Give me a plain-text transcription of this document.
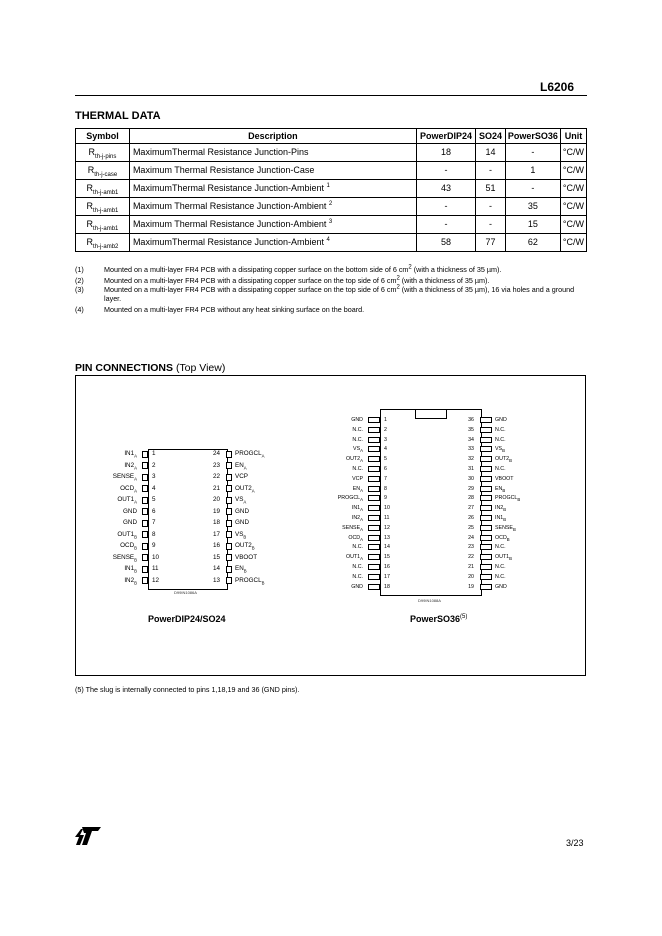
L6206
THERMAL DATA
Symbol	Description	PowerDIP24	SO24	PowerSO36	Unit
$R_{th-j-pins}$	MaximumThermal Resistance Junction-Pins	18	14	-	°C/W
$R_{th-j-case}$	Maximum Thermal Resistance Junction-Case	-	-	1	°C/W
$R_{th-j-amb1}$	MaximumThermal Resistance Junction-Ambient $^1$	43	51	-	°C/W
$R_{th-j-amb1}$	Maximum Thermal Resistance Junction-Ambient $^2$	-	-	35	°C/W
$R_{th-j-amb1}$	Maximum Thermal Resistance Junction-Ambient $^3$	-	-	15	°C/W
$R_{th-j-amb2}$	MaximumThermal Resistance Junction-Ambient $^4$	58	77	62	°C/W
(1)	Mounted on a multi-layer FR4 PCB with a dissipating copper surface on the bottom side of 6 $cm^2$ (with a thickness of 35 µm).
(2)	Mounted on a multi-layer FR4 PCB with a dissipating copper surface on the top side of 6 $cm^2$ (with a thickness of 35 µm).
(3)	Mounted on a multi-layer FR4 PCB with a dissipating copper surface on the top side of 6 $cm^2$ (with a thickness of 35 µm), 16 via holes and a ground layer.
(4)	Mounted on a multi-layer FR4 PCB without any heat sinking surface on the board.
PIN CONNECTIONS (Top View)
$IN1_A$ 1
$IN2_A$ 2
$SENSE_A$ 3
$OCD_A$ 4
$OUT1_A$ 5
GND 6
GND 7
$OUT1_B$ 8
$OCD_B$ 9
$SENSE_B$ 10
$IN1_B$ 11
$IN2_B$ 12
24 $PROGCL_A$
23 $EN_A$
22 VCP
21 $OUT2_A$
20 $VS_A$
19 GND
18 GND
17 $VS_B$
16 $OUT2_B$
15 VBOOT
14 $EN_B$
13 $PROGCL_B$
D99IN1086A
PowerDIP24/SO24
GND	1
N.C.	2
N.C.	3
$VS_A$	4
$OUT2_A$	5
N.C.	6
VCP	7
$EN_A$	8
$PROGCL_A$	9
$IN1_A$	10
$IN2_A$	11
$SENSE_A$	12
$OCD_A$	13
N.C.	14
$OUT1_A$	15
N.C.	16
N.C.	17
GND	18
36	GND
35	N.C.
34	N.C.
33	$VS_B$
32	$OUT2_B$
31	N.C.
30	VBOOT
29	$EN_B$
28	$PROGCL_B$
27	$IN2_B$
26	$IN1_B$
25	$SENSE_B$
24	$OCD_B$
23	N.C.
22	$OUT1_B$
21	N.C.
20	N.C.
19	GND
D99IN1088A
PowerSO36$^{(5)}$
(5) The slug is internally connected to pins 1,18,19 and 36 (GND pins).
3/23
